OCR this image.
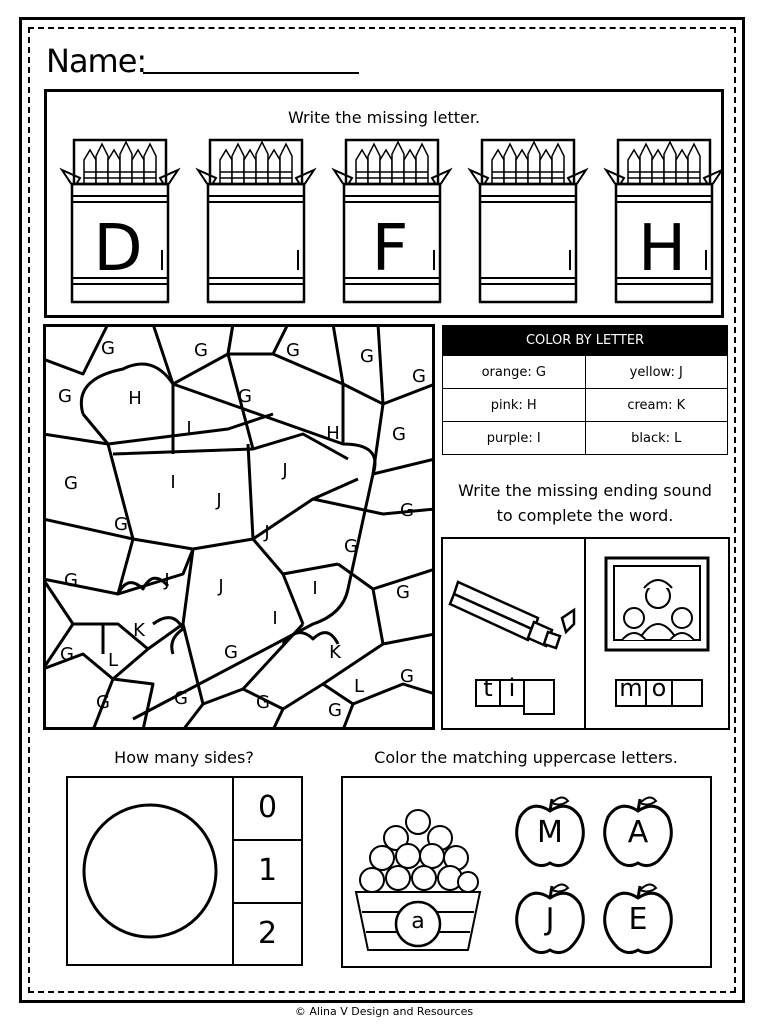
Name:
Write the missing letter.
D	F	H
G	G	G	G
G
G	H	G
H
I	G
G	I
J
J
G
G
J
G
G	J	J	I	G
I
K
G L	G	K
G
L
G	G	G	G
COLOR BY LETTER	
orange: G	yellow: J
pink: H	cream: K
purple: I	black: L
Write the missing ending sound
to complete the word.
t i	m o
How many sides?
0
1
2
Color the matching uppercase letters.
a
M	A
J	E
© Alina V Design and Resources
